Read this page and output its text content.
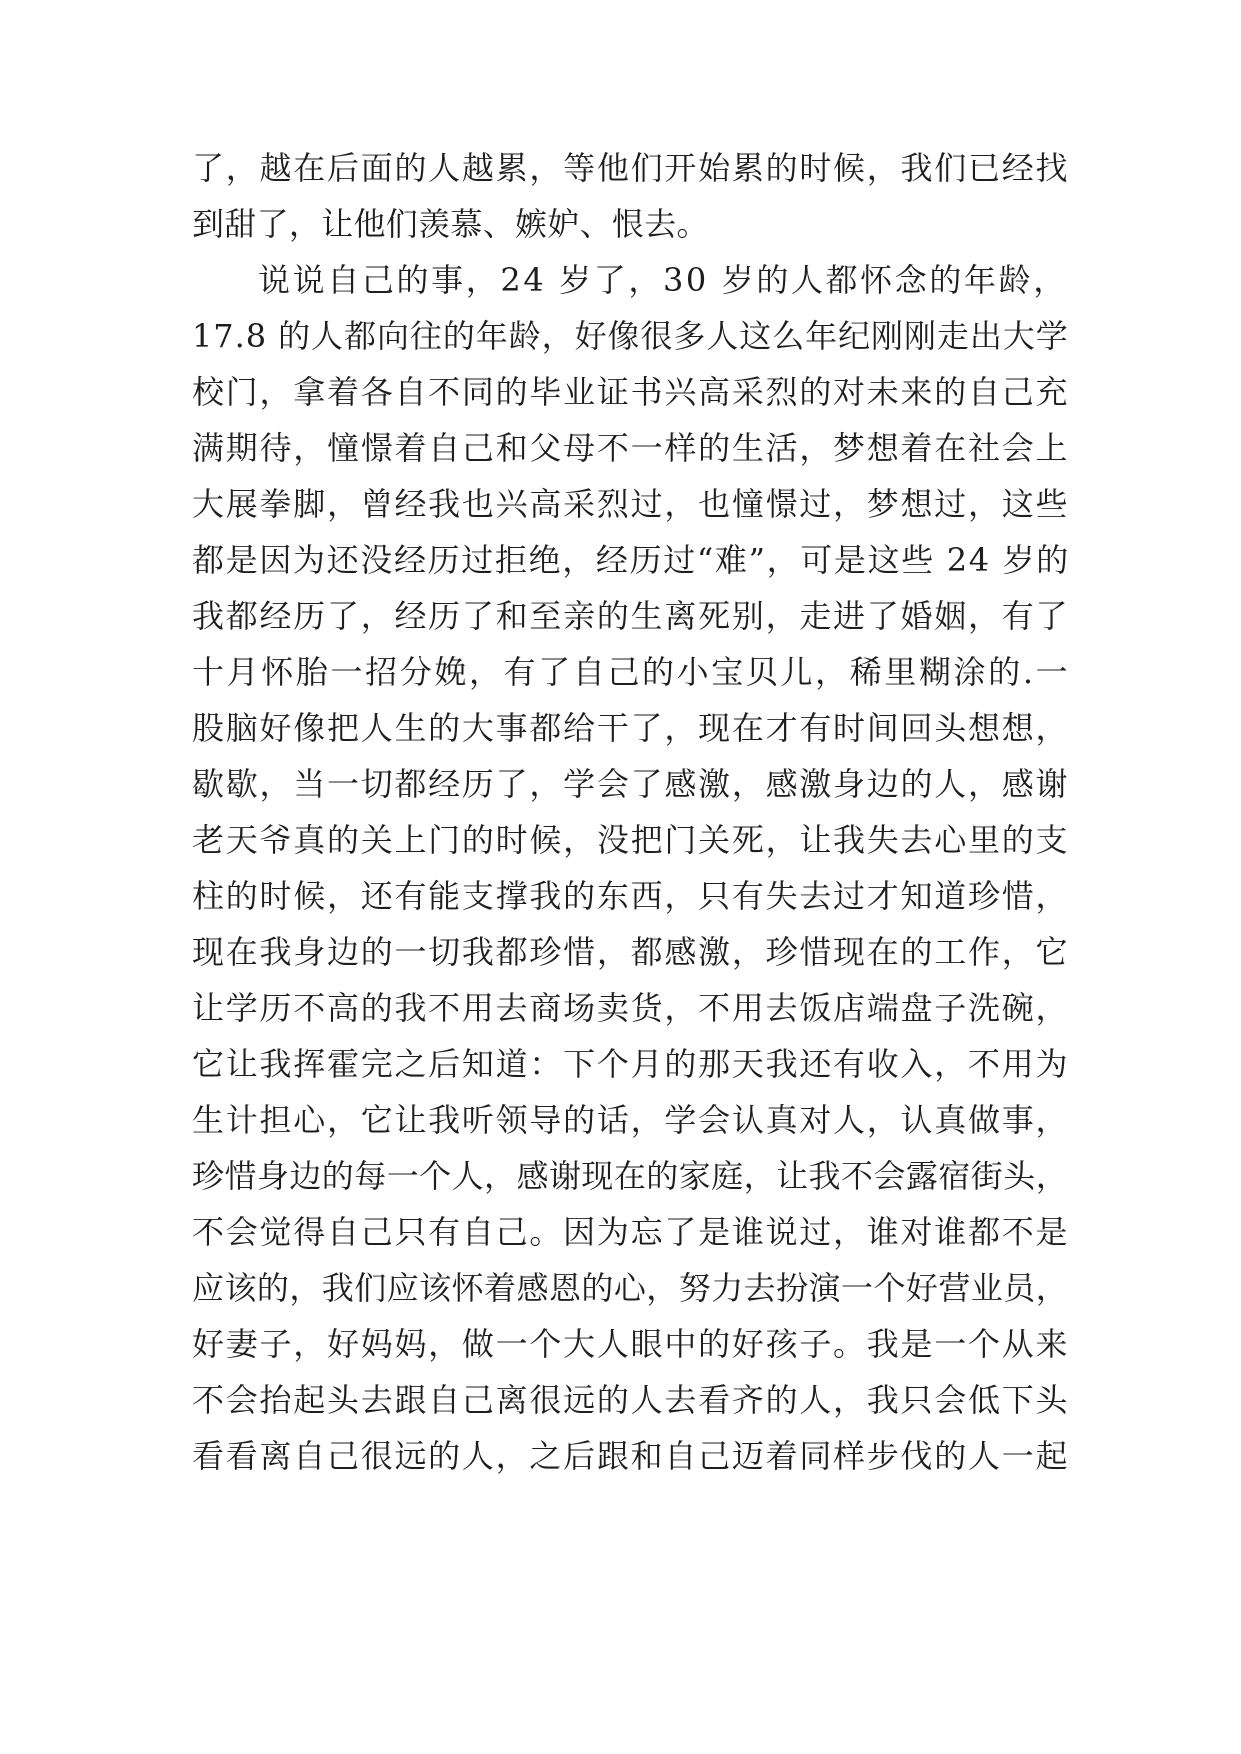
了，越在后面的人越累，等他们开始累的时候，我们已经找
到甜了，让他们羡慕、嫉妒、恨去。
说说自己的事，24 岁了，30 岁的人都怀念的年龄，
17.8 的人都向往的年龄，好像很多人这么年纪刚刚走出大学
校门，拿着各自不同的毕业证书兴高采烈的对未来的自己充
满期待，憧憬着自己和父母不一样的生活，梦想着在社会上
大展拳脚，曾经我也兴高采烈过，也憧憬过，梦想过，这些
都是因为还没经历过拒绝，经历过“难”，可是这些 24 岁的
我都经历了，经历了和至亲的生离死别，走进了婚姻，有了
十月怀胎一招分娩，有了自己的小宝贝儿，稀里糊涂的.一
股脑好像把人生的大事都给干了，现在才有时间回头想想，
歇歇，当一切都经历了，学会了感激，感激身边的人，感谢
老天爷真的关上门的时候，没把门关死，让我失去心里的支
柱的时候，还有能支撑我的东西，只有失去过才知道珍惜，
现在我身边的一切我都珍惜，都感激，珍惜现在的工作，它
让学历不高的我不用去商场卖货，不用去饭店端盘子洗碗，
它让我挥霍完之后知道：下个月的那天我还有收入，不用为
生计担心，它让我听领导的话，学会认真对人，认真做事，
珍惜身边的每一个人，感谢现在的家庭，让我不会露宿街头，
不会觉得自己只有自己。因为忘了是谁说过，谁对谁都不是
应该的，我们应该怀着感恩的心，努力去扮演一个好营业员，
好妻子，好妈妈，做一个大人眼中的好孩子。我是一个从来
不会抬起头去跟自己离很远的人去看齐的人，我只会低下头
看看离自己很远的人，之后跟和自己迈着同样步伐的人一起
